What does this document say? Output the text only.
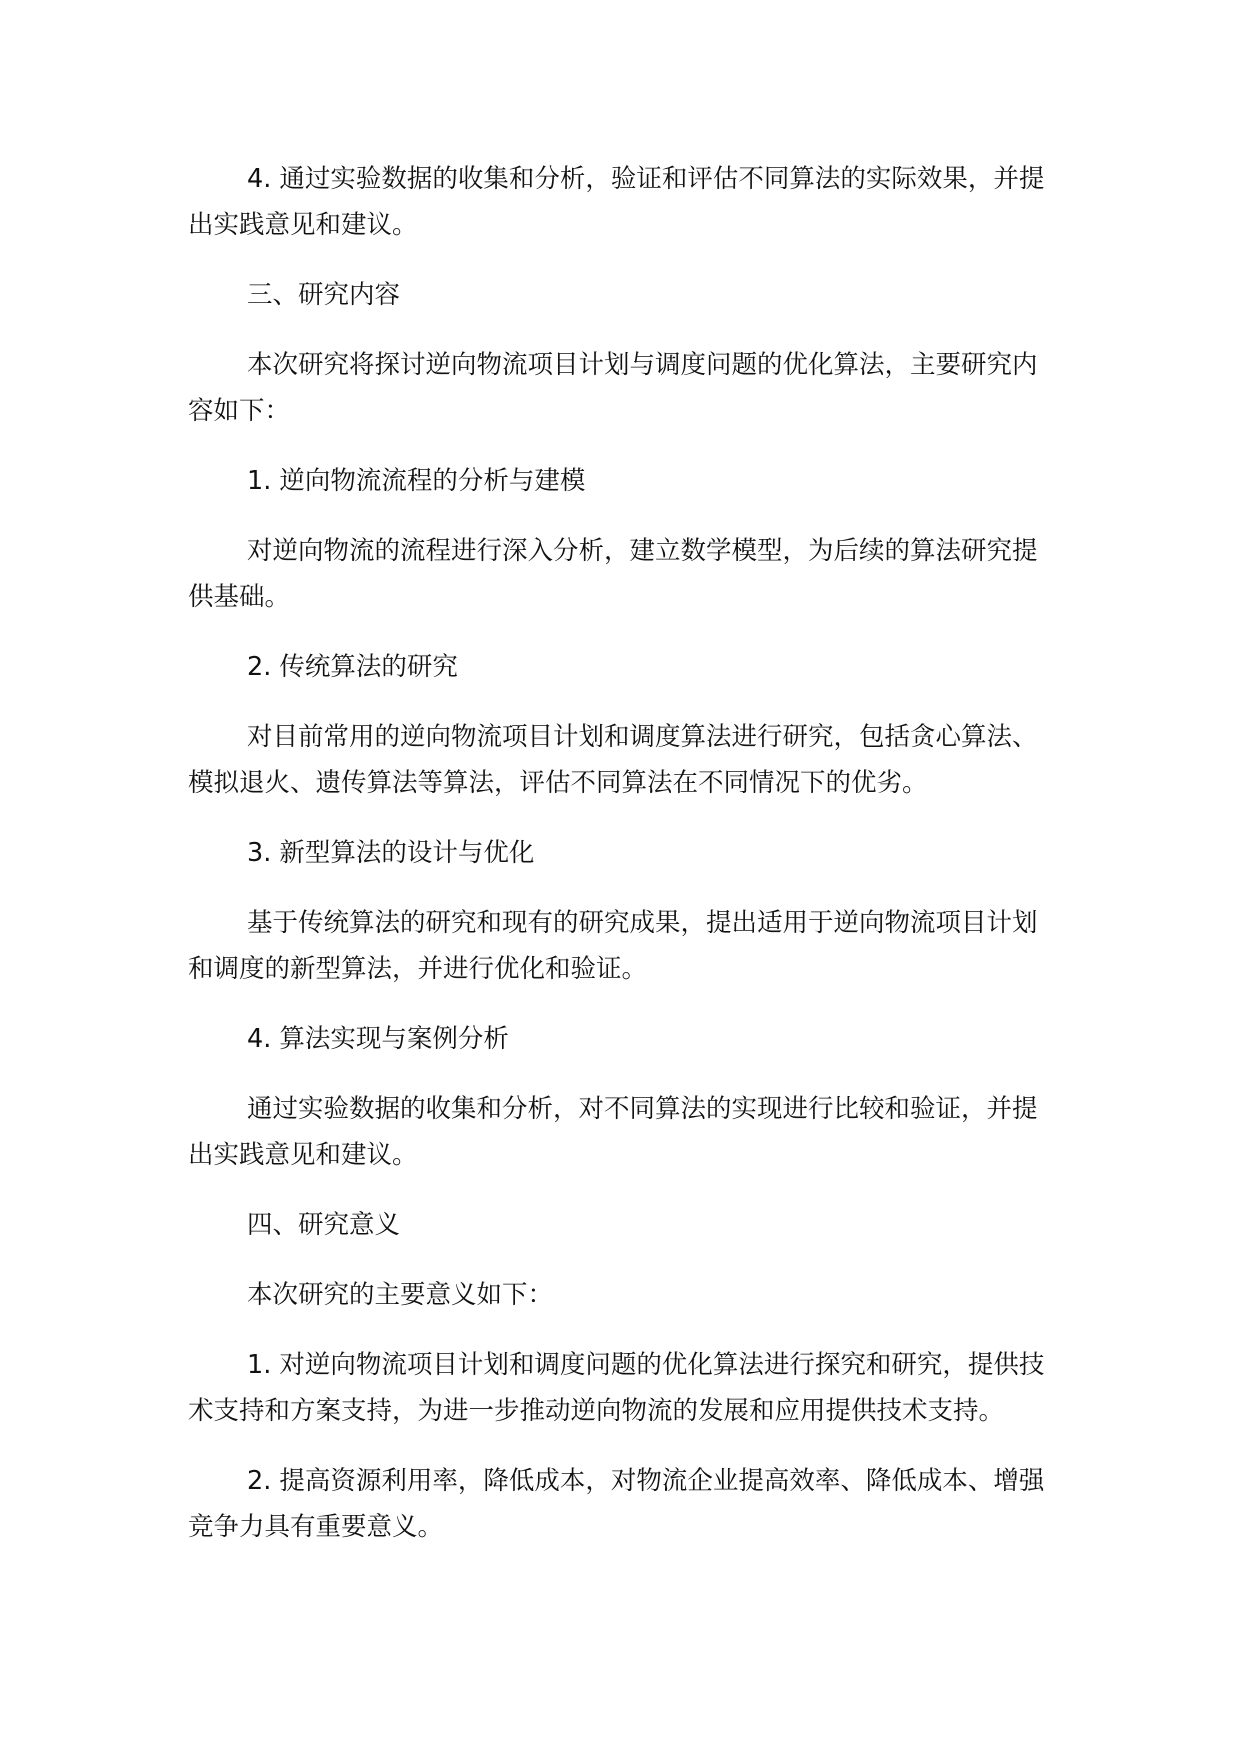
4. 通过实验数据的收集和分析，验证和评估不同算法的实际效果，并提出实践意见和建议。

三、研究内容

本次研究将探讨逆向物流项目计划与调度问题的优化算法，主要研究内容如下：

1. 逆向物流流程的分析与建模

对逆向物流的流程进行深入分析，建立数学模型，为后续的算法研究提供基础。

2. 传统算法的研究

对目前常用的逆向物流项目计划和调度算法进行研究，包括贪心算法、模拟退火、遗传算法等算法，评估不同算法在不同情况下的优劣。

3. 新型算法的设计与优化

基于传统算法的研究和现有的研究成果，提出适用于逆向物流项目计划和调度的新型算法，并进行优化和验证。

4. 算法实现与案例分析

通过实验数据的收集和分析，对不同算法的实现进行比较和验证，并提出实践意见和建议。

四、研究意义

本次研究的主要意义如下：

1. 对逆向物流项目计划和调度问题的优化算法进行探究和研究，提供技术支持和方案支持，为进一步推动逆向物流的发展和应用提供技术支持。

2. 提高资源利用率，降低成本，对物流企业提高效率、降低成本、增强竞争力具有重要意义。
